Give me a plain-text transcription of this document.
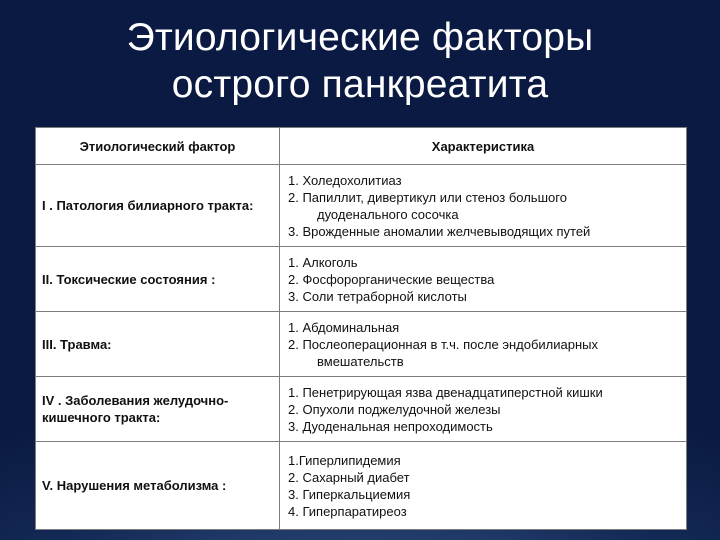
Этиологические факторы
острого панкреатита
Этиологический фактор	Характеристика
I . Патология билиарного тракта:	1. Холедохолитиаз
2. Папиллит, дивертикул или стеноз большого
дуоденального сосочка
3. Врожденные аномалии желчевыводящих путей

II. Токсические состояния :	1. Алкоголь
2. Фосфорорганические вещества
3. Соли тетраборной кислоты

III. Травма:	1. Абдоминальная
2. Послеоперационная в т.ч. после эндобилиарных
вмешательств

IV . Заболевания желудочно-кишечного тракта:	1. Пенетрирующая язва двенадцатиперстной кишки
2. Опухоли поджелудочной железы
3. Дуоденальная непроходимость

V. Нарушения метаболизма :	1.Гиперлипидемия
2. Сахарный диабет
3. Гиперкальциемия
4. Гиперпаратиреоз
